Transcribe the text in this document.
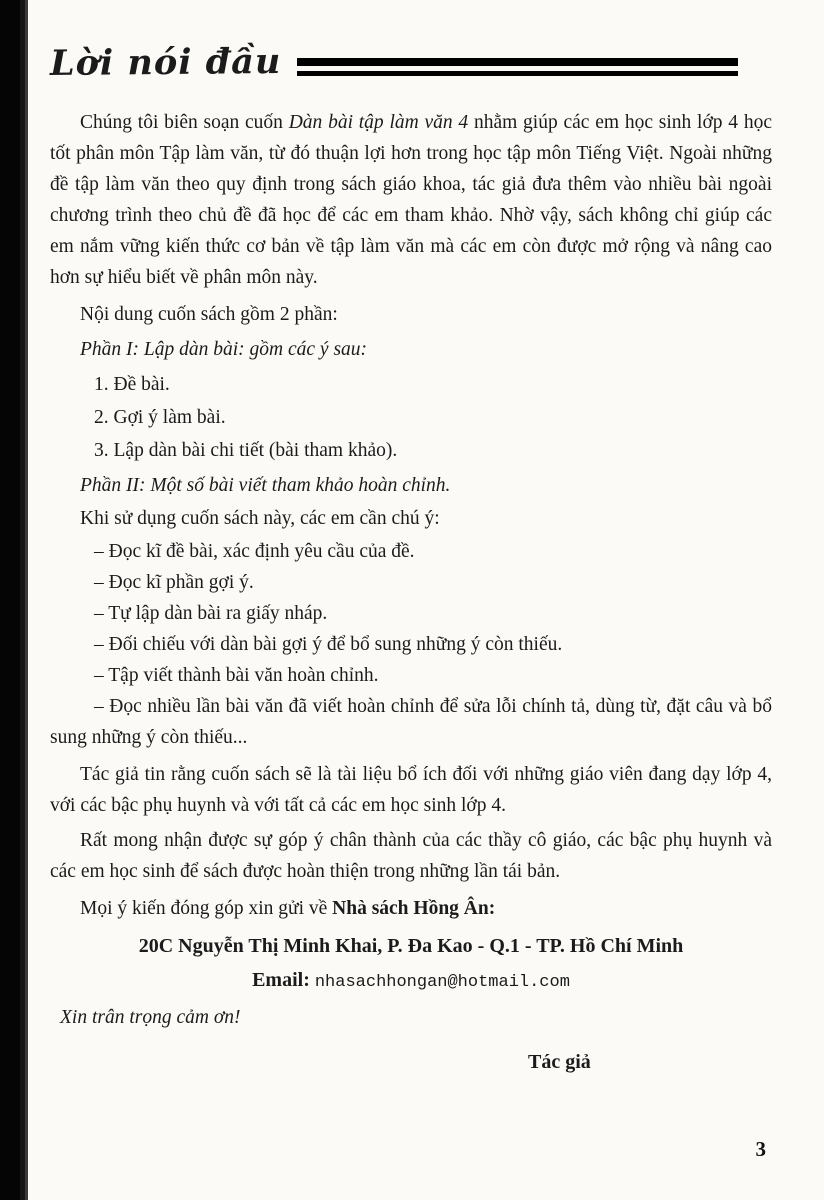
Lời nói đầu

Chúng tôi biên soạn cuốn Dàn bài tập làm văn 4 nhằm giúp các em học sinh lớp 4 học tốt phân môn Tập làm văn, từ đó thuận lợi hơn trong học tập môn Tiếng Việt. Ngoài những đề tập làm văn theo quy định trong sách giáo khoa, tác giả đưa thêm vào nhiều bài ngoài chương trình theo chủ đề đã học để các em tham khảo. Nhờ vậy, sách không chỉ giúp các em nắm vững kiến thức cơ bản về tập làm văn mà các em còn được mở rộng và nâng cao hơn sự hiểu biết về phân môn này.

Nội dung cuốn sách gồm 2 phần:

Phần I: Lập dàn bài: gồm các ý sau:

1. Đề bài.

2. Gợi ý làm bài.

3. Lập dàn bài chi tiết (bài tham khảo).

Phần II: Một số bài viết tham khảo hoàn chỉnh.

Khi sử dụng cuốn sách này, các em cần chú ý:

– Đọc kĩ đề bài, xác định yêu cầu của đề.

– Đọc kĩ phần gợi ý.

– Tự lập dàn bài ra giấy nháp.

– Đối chiếu với dàn bài gợi ý để bổ sung những ý còn thiếu.

– Tập viết thành bài văn hoàn chỉnh.

– Đọc nhiều lần bài văn đã viết hoàn chỉnh để sửa lỗi chính tả, dùng từ, đặt câu và bổ sung những ý còn thiếu...

Tác giả tin rằng cuốn sách sẽ là tài liệu bổ ích đối với những giáo viên đang dạy lớp 4, với các bậc phụ huynh và với tất cả các em học sinh lớp 4.

Rất mong nhận được sự góp ý chân thành của các thầy cô giáo, các bậc phụ huynh và các em học sinh để sách được hoàn thiện trong những lần tái bản.

Mọi ý kiến đóng góp xin gửi về Nhà sách Hồng Ân:

20C Nguyễn Thị Minh Khai, P. Đa Kao - Q.1 - TP. Hồ Chí Minh

Email: nhasachhongan@hotmail.com

Xin trân trọng cảm ơn!

Tác giả

3
